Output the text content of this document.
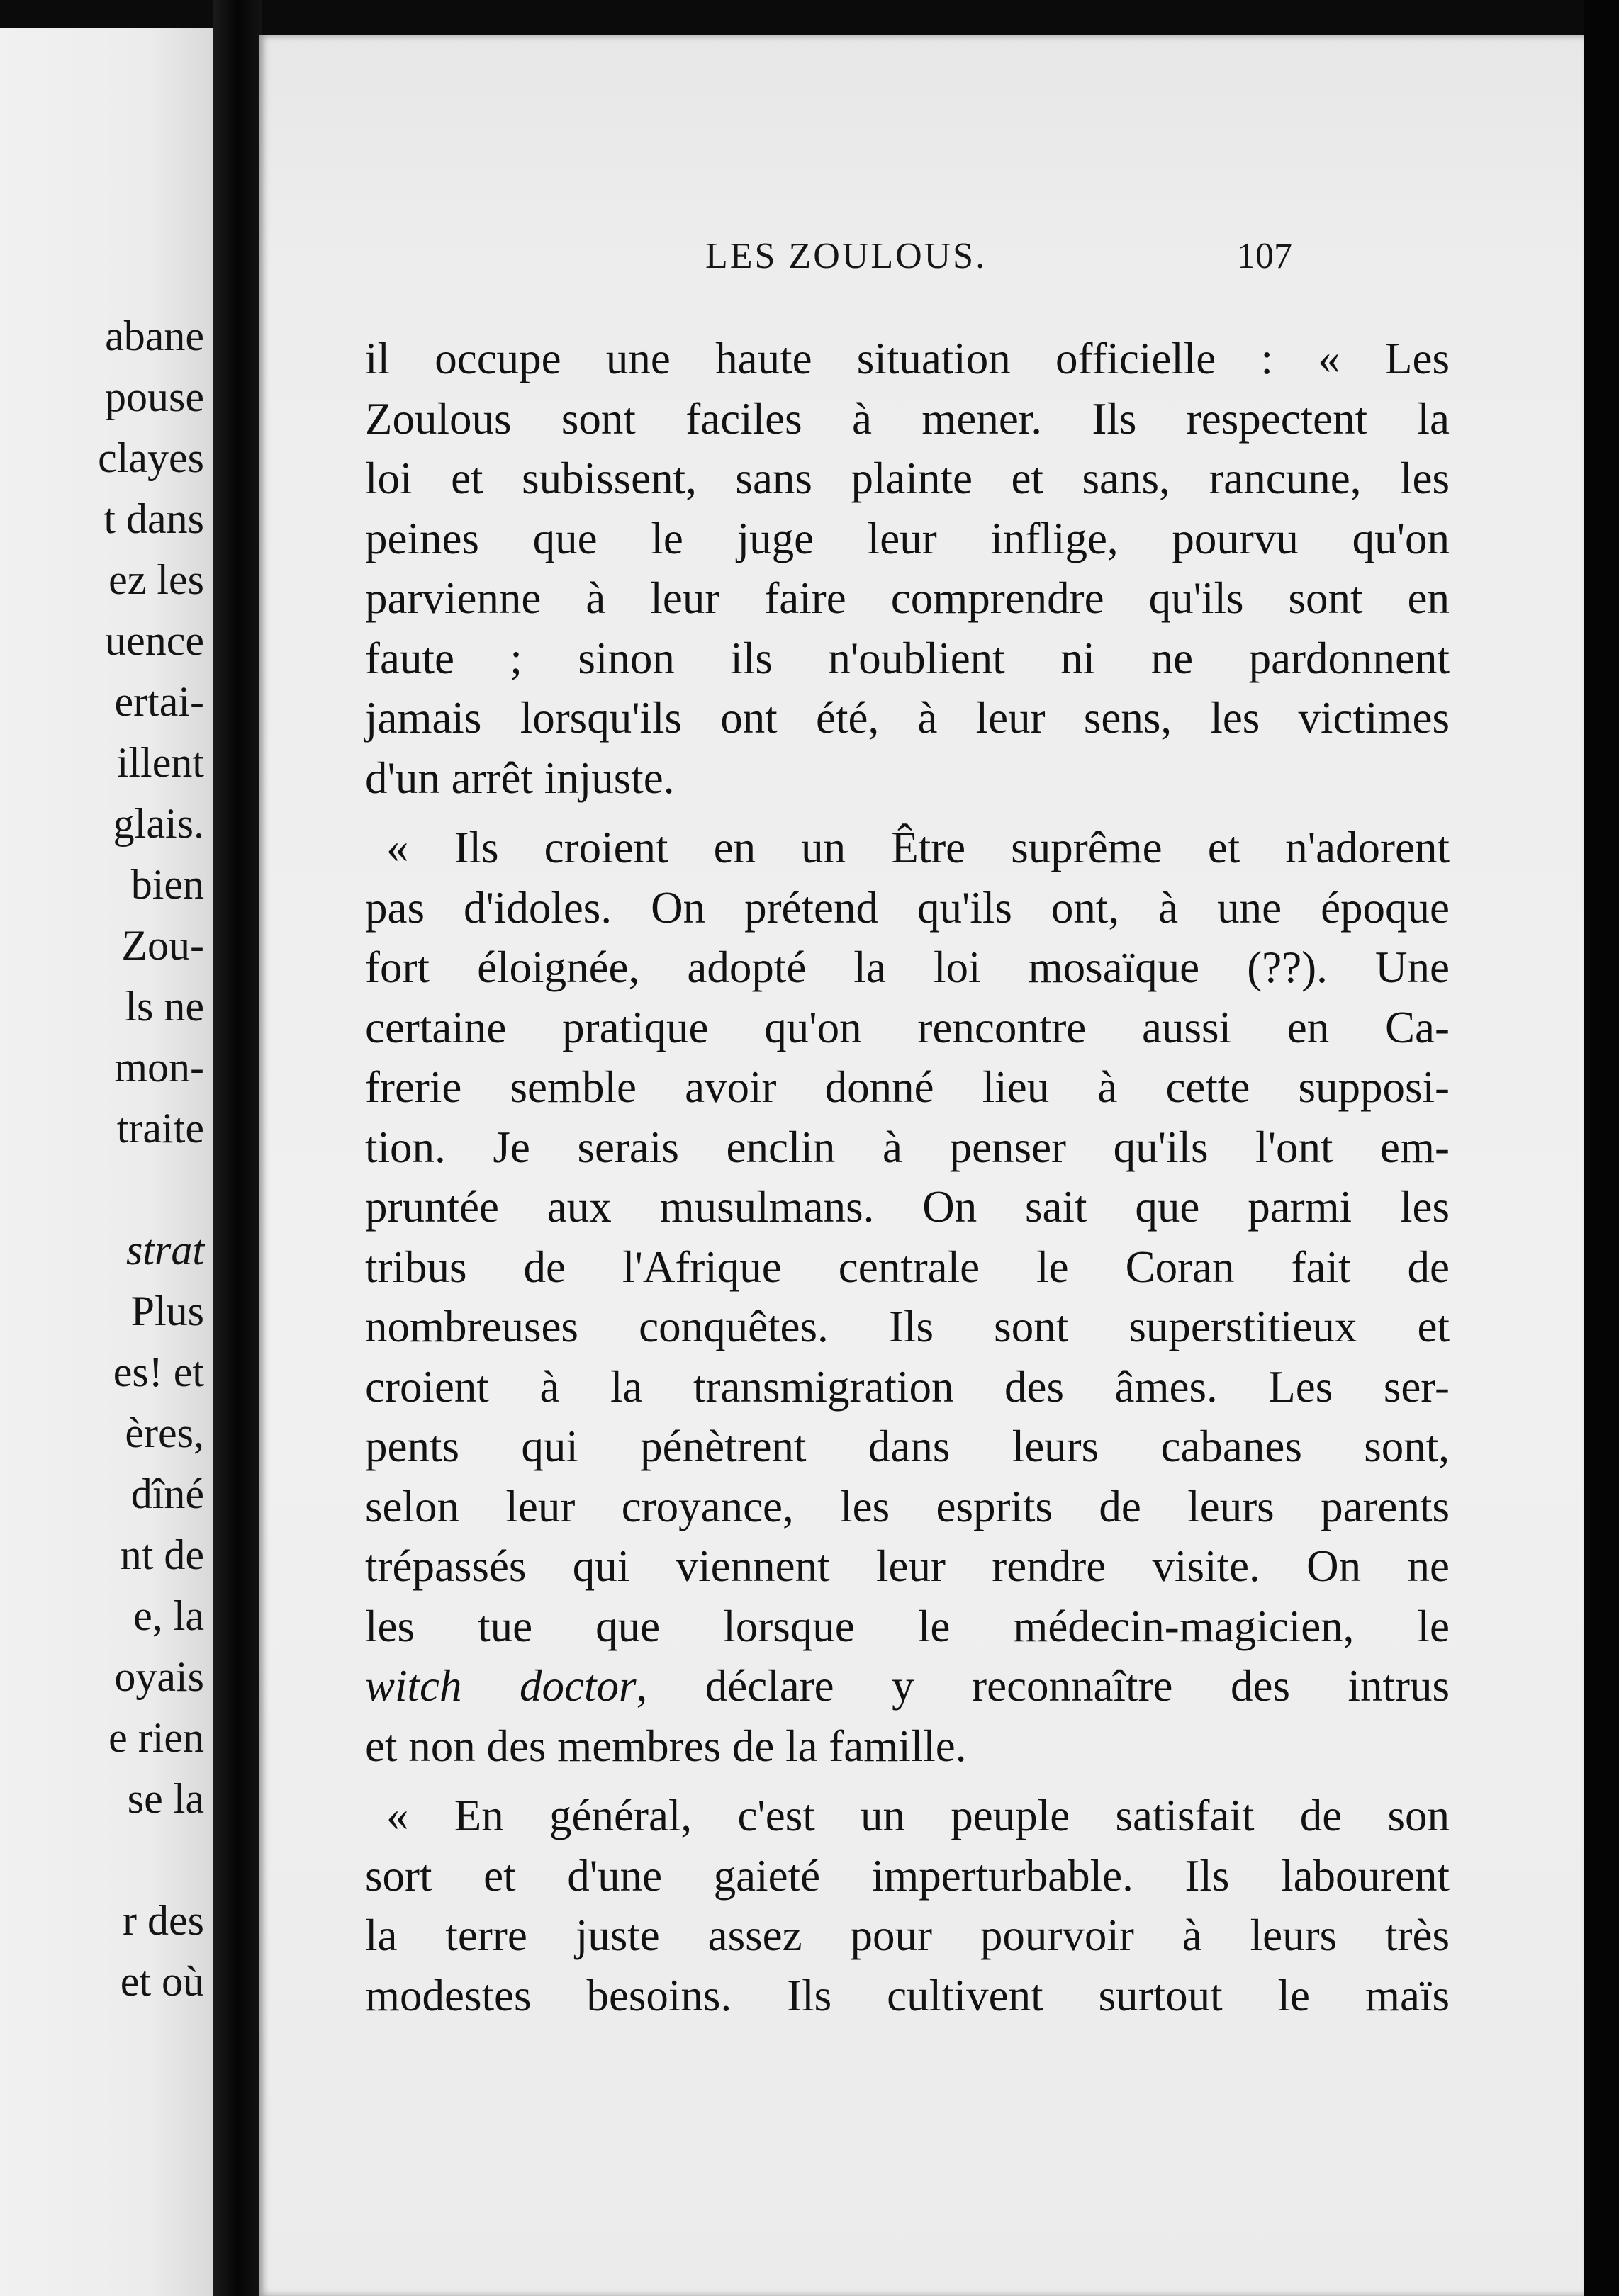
abane
pouse
clayes
t dans
ez les
uence
ertai-
illent
glais.
bien
Zou-
ls ne
mon-
traite
strat
Plus
es! et
ères,
dîné
nt de
e, la
oyais
e rien
se la
r des
et où
LES ZOULOUS.	107
il occupe une haute situation officielle : « Les
Zoulous sont faciles à mener. Ils respectent la
loi et subissent, sans plainte et sans, rancune, les
peines que le juge leur inflige, pourvu qu'on
parvienne à leur faire comprendre qu'ils sont en
faute ; sinon ils n'oublient ni ne pardonnent
jamais lorsqu'ils ont été, à leur sens, les victimes
d'un arrêt injuste.
« Ils croient en un Être suprême et n'adorent
pas d'idoles. On prétend qu'ils ont, à une époque
fort éloignée, adopté la loi mosaïque (??). Une
certaine pratique qu'on rencontre aussi en Ca-
frerie semble avoir donné lieu à cette supposi-
tion. Je serais enclin à penser qu'ils l'ont em-
pruntée aux musulmans. On sait que parmi les
tribus de l'Afrique centrale le Coran fait de
nombreuses conquêtes. Ils sont superstitieux et
croient à la transmigration des âmes. Les ser-
pents qui pénètrent dans leurs cabanes sont,
selon leur croyance, les esprits de leurs parents
trépassés qui viennent leur rendre visite. On ne
les tue que lorsque le médecin-magicien, le
witch doctor, déclare y reconnaître des intrus
et non des membres de la famille.
« En général, c'est un peuple satisfait de son
sort et d'une gaieté imperturbable. Ils labourent
la terre juste assez pour pourvoir à leurs très
modestes besoins. Ils cultivent surtout le maïs
